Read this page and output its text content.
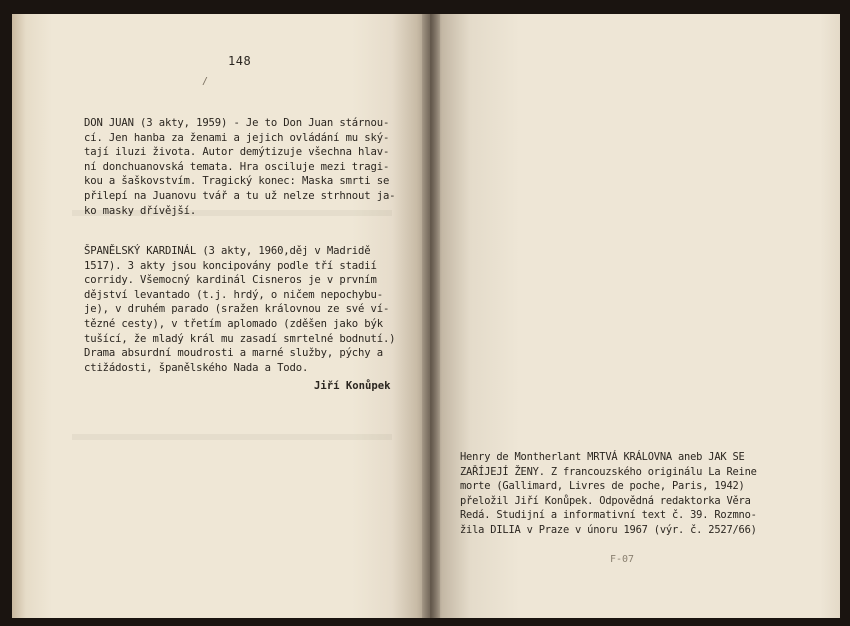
148
/
DON JUAN (3 akty, 1959) - Je to Don Juan stárnou-
cí. Jen hanba za ženami a jejich ovládání mu ský-
tají iluzi života. Autor demýtizuje všechna hlav-
ní donchuanovská temata. Hra osciluje mezi tragi-
kou a šaškovstvím. Tragický konec: Maska smrti se
přilepí na Juanovu tvář a tu už nelze strhnout ja-
ko masky dřívější.
ŠPANĚLSKÝ KARDINÁL (3 akty, 1960,děj v Madridě
1517). 3 akty jsou koncipovány podle tří stadií
corridy. Všemocný kardinál Cisneros je v prvním
dějství levantado (t.j. hrdý, o ničem nepochybu-
je), v druhém parado (sražen královnou ze své ví-
tězné cesty), v třetím aplomado (zděšen jako býk
tušící, že mladý král mu zasadí smrtelné bodnutí.)
Drama absurdní moudrosti a marné služby, pýchy a
ctižádosti, španělského Nada a Todo.
Jiří Konůpek
Henry de Montherlant MRTVÁ KRÁLOVNA aneb JAK SE
ZAŘÍJEJÍ ŽENY. Z francouzského originálu La Reine
morte (Gallimard, Livres de poche, Paris, 1942)
přeložil Jiří Konůpek. Odpovědná redaktorka Věra
Redá. Studijní a informativní text č. 39. Rozmno-
žila DILIA v Praze v únoru 1967 (výr. č. 2527/66)
F-07
